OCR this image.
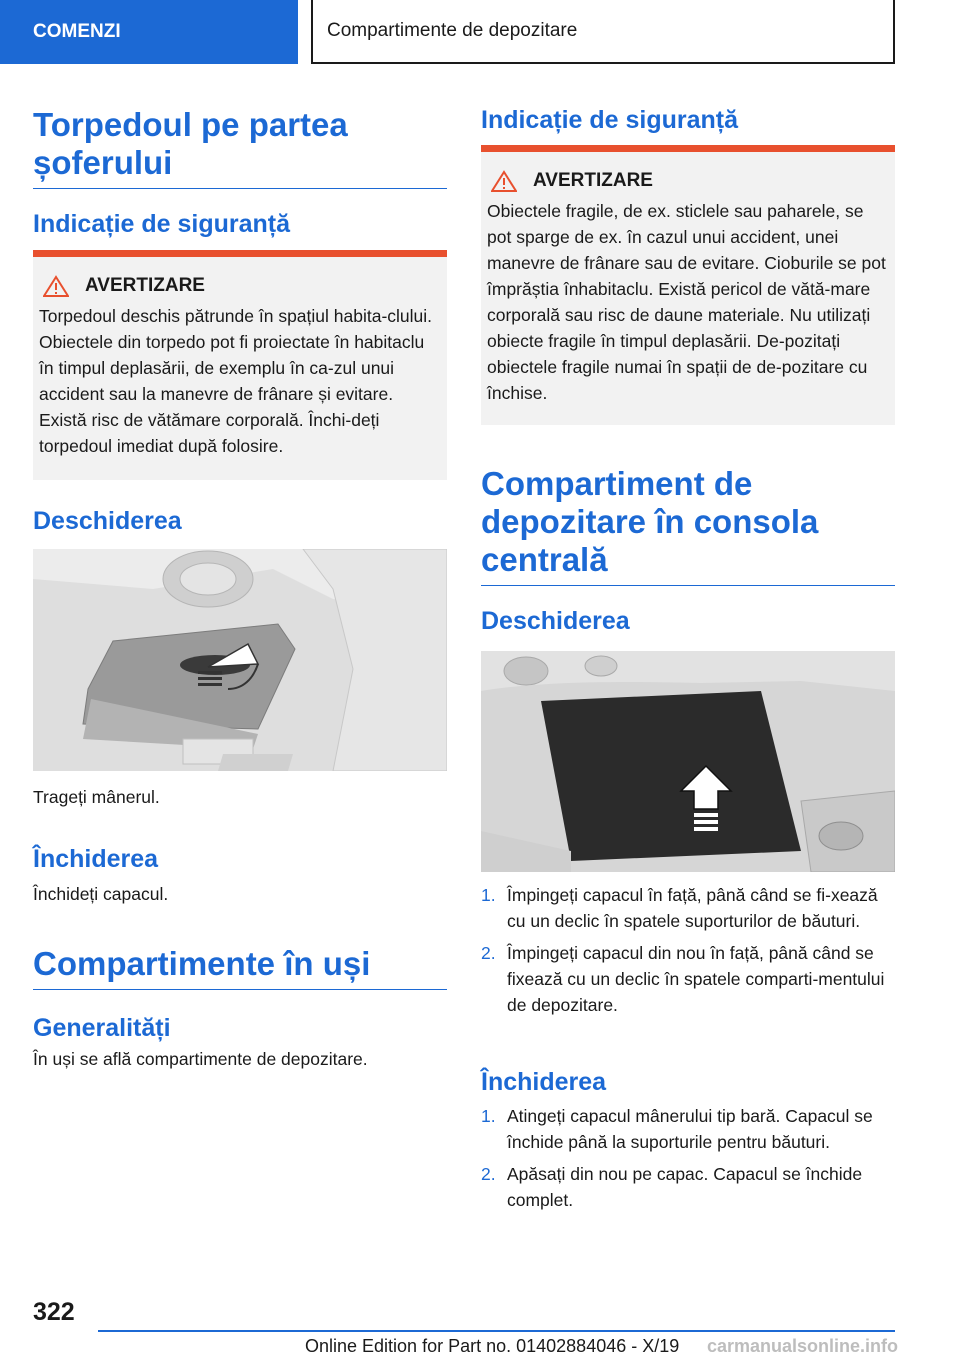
COMENZI	Compartimente de depozitare
Torpedoul pe partea șoferului
Indicație de siguranță
AVERTIZARE
Torpedoul deschis pătrunde în spațiul habita-clului. Obiectele din torpedo pot fi proiectate în habitaclu în timpul deplasării, de exemplu în ca-zul unui accident sau la manevre de frânare și evitare. Există risc de vătămare corporală. Închi-deți torpedoul imediat după folosire.
Deschiderea
Trageți mânerul.
Închiderea
Închideți capacul.
Compartimente în uși
Generalități
În uși se află compartimente de depozitare.
Indicație de siguranță
AVERTIZARE
Obiectele fragile, de ex. sticlele sau paharele, se pot sparge de ex. în cazul unui accident, unei manevre de frânare sau de evitare. Cioburile se pot împrăștia înhabitaclu. Există pericol de vătă-mare corporală sau risc de daune materiale. Nu utilizați obiecte fragile în timpul deplasării. De-pozitați obiectele fragile numai în spații de de-pozitare cu închise.
Compartiment de depozitare în consola centrală
Deschiderea
1. Împingeți capacul în față, până când se fi-xează cu un declic în spatele suporturilor de băuturi.
2. Împingeți capacul din nou în față, până când se fixează cu un declic în spatele comparti-mentului de depozitare.
Închiderea
1. Atingeți capacul mânerului tip bară. Capacul se închide până la suporturile pentru băuturi.
2. Apăsați din nou pe capac. Capacul se închide complet.
322
Online Edition for Part no. 01402884046 - X/19 carmanualsonline.info
